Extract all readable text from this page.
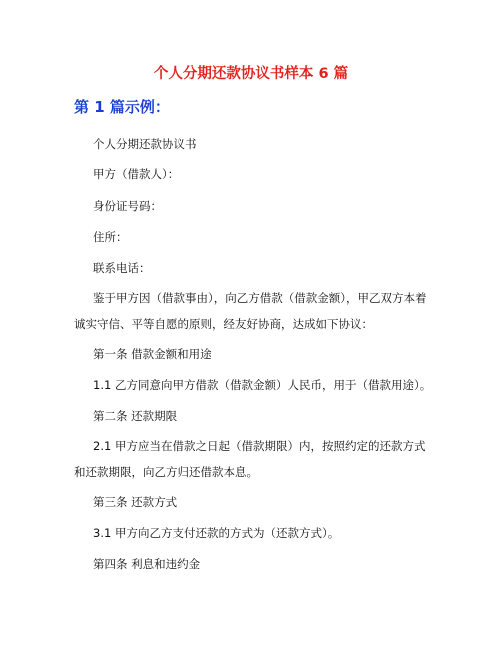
个人分期还款协议书样本 6 篇
第 1 篇示例：
个人分期还款协议书
甲方（借款人）：
身份证号码：
住所：
联系电话：
鉴于甲方因（借款事由），向乙方借款（借款金额），甲乙双方本着诚实守信、平等自愿的原则，经友好协商，达成如下协议：
第一条 借款金额和用途
1.1 乙方同意向甲方借款（借款金额）人民币，用于（借款用途）。
第二条 还款期限
2.1 甲方应当在借款之日起（借款期限）内，按照约定的还款方式和还款期限，向乙方归还借款本息。
第三条 还款方式
3.1 甲方向乙方支付还款的方式为（还款方式）。
第四条 利息和违约金
